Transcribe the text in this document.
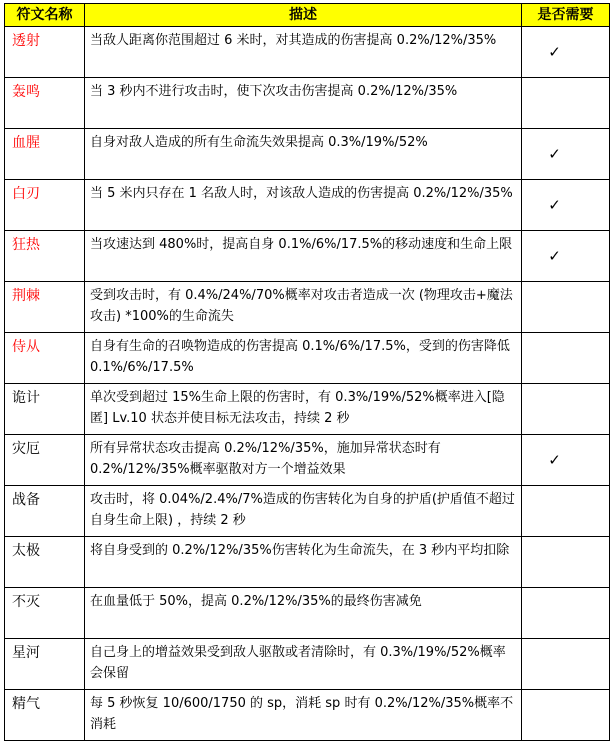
符文名称	描述	是否需要
透射	当敌人距离你范围超过 6 米时，对其造成的伤害提高 0.2%/12%/35%	✓
轰鸣	当 3 秒内不进行攻击时，使下次攻击伤害提高 0.2%/12%/35%	
血腥	自身对敌人造成的所有生命流失效果提高 0.3%/19%/52%	✓
白刃	当 5 米内只存在 1 名敌人时，对该敌人造成的伤害提高 0.2%/12%/35%	✓
狂热	当攻速达到 480%时，提高自身 0.1%/6%/17.5%的移动速度和生命上限	✓
荆棘	受到攻击时，有 0.4%/24%/70%概率对攻击者造成一次 (物理攻击+魔法攻击) *100%的生命流失	
侍从	自身有生命的召唤物造成的伤害提高 0.1%/6%/17.5%，受到的伤害降低 0.1%/6%/17.5%	
诡计	单次受到超过 15%生命上限的伤害时，有 0.3%/19%/52%概率进入[隐匿] Lv.10 状态并使目标无法攻击，持续 2 秒	
灾厄	所有异常状态攻击提高 0.2%/12%/35%，施加异常状态时有 0.2%/12%/35%概率驱散对方一个增益效果	✓
战备	攻击时，将 0.04%/2.4%/7%造成的伤害转化为自身的护盾(护盾值不超过自身生命上限) ，持续 2 秒	
太极	将自身受到的 0.2%/12%/35%伤害转化为生命流失，在 3 秒内平均扣除	
不灭	在血量低于 50%，提高 0.2%/12%/35%的最终伤害减免	
星河	自己身上的增益效果受到敌人驱散或者清除时，有 0.3%/19%/52%概率会保留	
精气	每 5 秒恢复 10/600/1750 的 sp，消耗 sp 时有 0.2%/12%/35%概率不消耗	
